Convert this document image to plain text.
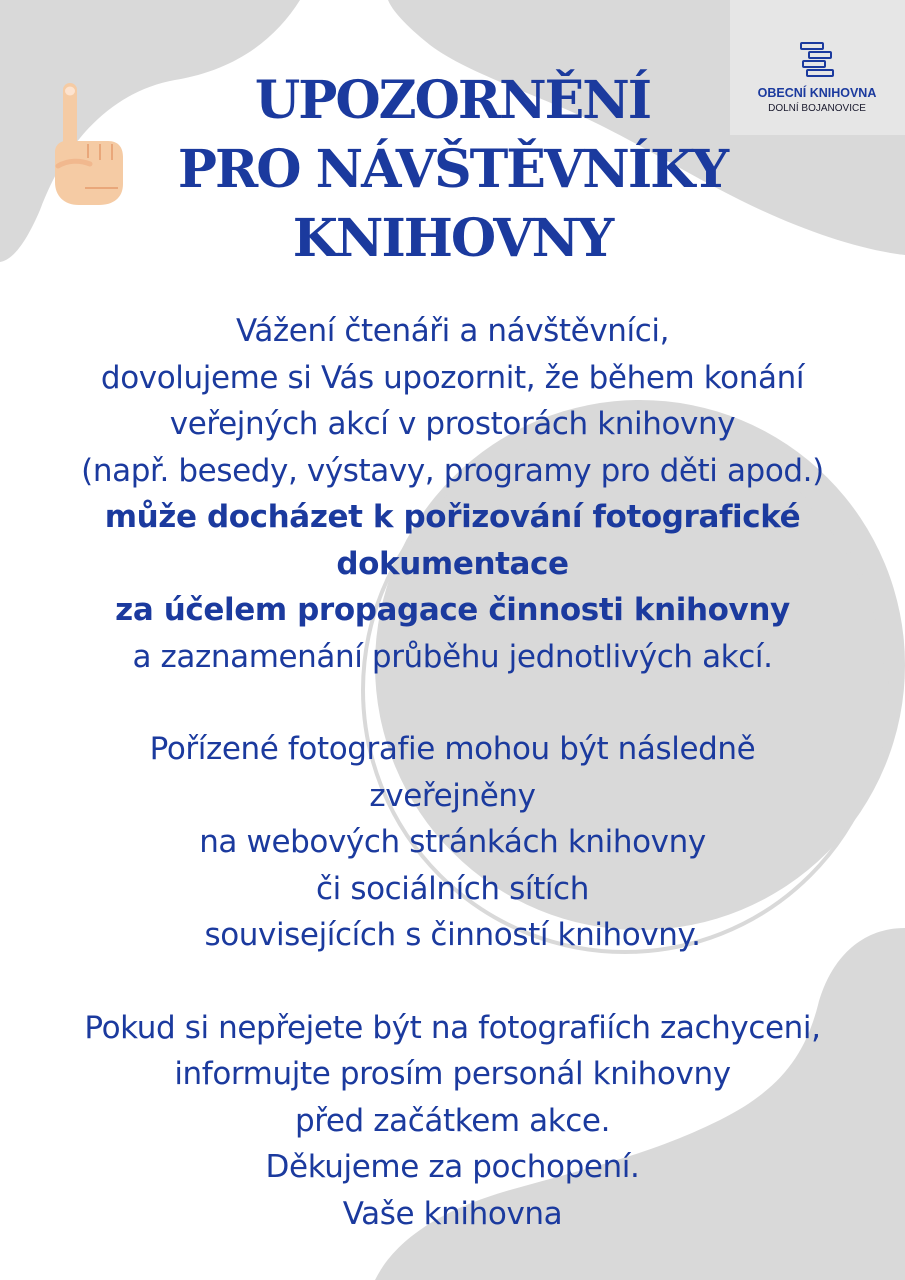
OBECNÍ KNIHOVNA
DOLNÍ BOJANOVICE
UPOZORNĚNÍ
PRO NÁVŠTĚVNÍKY
KNIHOVNY
Vážení čtenáři a návštěvníci,
dovolujeme si Vás upozornit, že během konání
veřejných akcí v prostorách knihovny
(např. besedy, výstavy, programy pro děti apod.)
může docházet k pořizování fotografické
dokumentace
za účelem propagace činnosti knihovny
a zaznamenání průběhu jednotlivých akcí.
Pořízené fotografie mohou být následně
zveřejněny
na webových stránkách knihovny
či sociálních sítích
souvisejících s činností knihovny.
Pokud si nepřejete být na fotografiích zachyceni,
informujte prosím personál knihovny
před začátkem akce.
Děkujeme za pochopení.
Vaše knihovna
